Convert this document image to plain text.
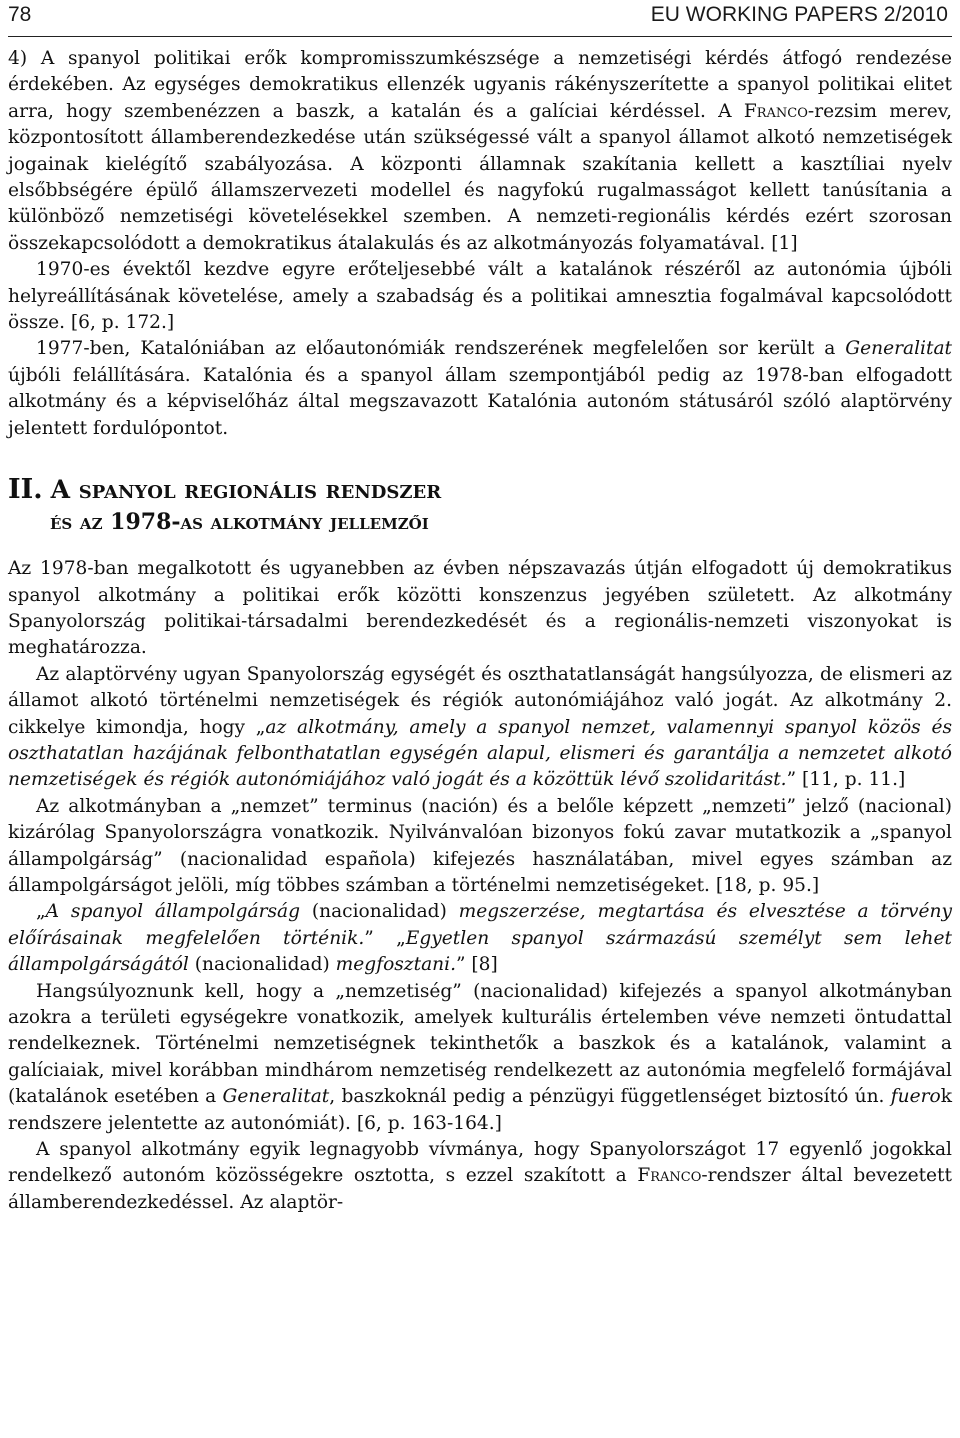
78	EU WORKING PAPERS 2/2010

4) A spanyol politikai erők kompromisszumkészsége a nemzetiségi kérdés átfogó rendezése érdekében. Az egységes demokratikus ellenzék ugyanis rákényszerítette a spanyol politikai elitet arra, hogy szembenézzen a baszk, a katalán és a galíciai kérdéssel. A Franco-rezsim merev, központosított államberendezkedése után szükségessé vált a spanyol államot alkotó nemzetiségek jogainak kielégítő szabályozása. A központi államnak szakítania kellett a kasztíliai nyelv elsőbbségére épülő államszervezeti modellel és nagyfokú rugalmasságot kellett tanúsítania a különböző nemzetiségi követelésekkel szemben. A nemzeti-regionális kérdés ezért szorosan összekapcsolódott a demokratikus átalakulás és az alkotmányozás folyamatával. [1]

1970-es évektől kezdve egyre erőteljesebbé vált a katalánok részéről az autonómia újbóli helyreállításának követelése, amely a szabadság és a politikai amnesztia fogalmával kapcsolódott össze. [6, p. 172.]

1977-ben, Katalóniában az előautonómiák rendszerének megfelelően sor került a Generalitat újbóli felállítására. Katalónia és a spanyol állam szempontjából pedig az 1978-ban elfogadott alkotmány és a képviselőház által megszavazott Katalónia autonóm státusáról szóló alaptörvény jelentett fordulópontot.

II. A spanyol regionális rendszer
és az 1978-as alkotmány jellemzői

Az 1978-ban megalkotott és ugyanebben az évben népszavazás útján elfogadott új demokratikus spanyol alkotmány a politikai erők közötti konszenzus jegyében született. Az alkotmány Spanyolország politikai-társadalmi berendezkedését és a regionális-nemzeti viszonyokat is meghatározza.

Az alaptörvény ugyan Spanyolország egységét és oszthatatlanságát hangsúlyozza, de elismeri az államot alkotó történelmi nemzetiségek és régiók autonómiájához való jogát. Az alkotmány 2. cikkelye kimondja, hogy „az alkotmány, amely a spanyol nemzet, valamennyi spanyol közös és oszthatatlan hazájának felbonthatatlan egységén alapul, elismeri és garantálja a nemzetet alkotó nemzetiségek és régiók autonómiájához való jogát és a közöttük lévő szolidaritást.” [11, p. 11.]

Az alkotmányban a „nemzet” terminus (nación) és a belőle képzett „nemzeti” jelző (nacional) kizárólag Spanyolországra vonatkozik. Nyilvánvalóan bizonyos fokú zavar mutatkozik a „spanyol állampolgárság” (nacionalidad española) kifejezés használatában, mivel egyes számban az állampolgárságot jelöli, míg többes számban a történelmi nemzetiségeket. [18, p. 95.]

„A spanyol állampolgárság (nacionalidad) megszerzése, megtartása és elvesztése a törvény előírásainak megfelelően történik.” „Egyetlen spanyol származású személyt sem lehet állampolgárságától (nacionalidad) megfosztani.” [8]

Hangsúlyoznunk kell, hogy a „nemzetiség” (nacionalidad) kifejezés a spanyol alkotmányban azokra a területi egységekre vonatkozik, amelyek kulturális értelemben véve nemzeti öntudattal rendelkeznek. Történelmi nemzetiségnek tekinthetők a baszkok és a katalánok, valamint a galíciaiak, mivel korábban mindhárom nemzetiség rendelkezett az autonómia megfelelő formájával (katalánok esetében a Generalitat, baszkoknál pedig a pénzügyi függetlenséget biztosító ún. fuerok rendszere jelentette az autonómiát). [6, p. 163-164.]

A spanyol alkotmány egyik legnagyobb vívmánya, hogy Spanyolországot 17 egyenlő jogokkal rendelkező autonóm közösségekre osztotta, s ezzel szakított a Franco-rendszer által bevezetett államberendezkedéssel. Az alaptör-
